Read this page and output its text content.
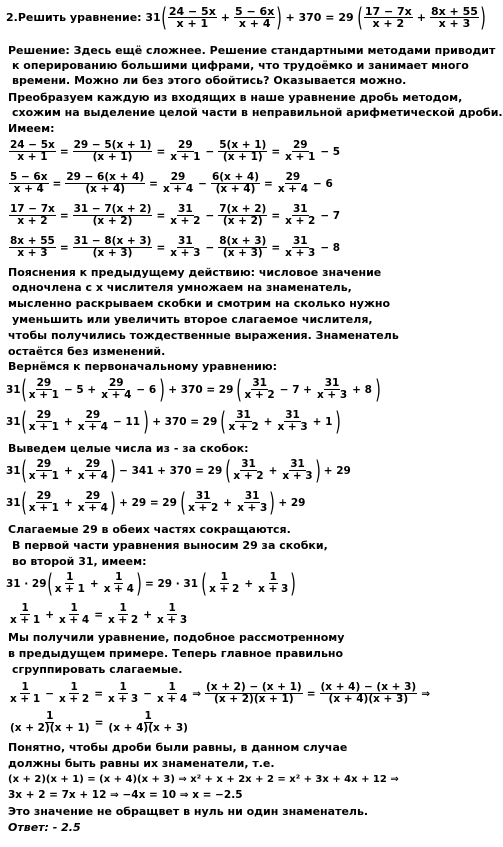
2.Решить уравнение: 31 ( $\frac{24 - 5x}{x + 1} + \frac{5 - 6x}{x + 4}$ ) + 370 = 29 ( $\frac{17 - 7x}{x + 2} + \frac{8x + 55}{x + 3}$ )
Решение: Здесь ещё сложнее. Решение стандартными методами приводит
к оперированию большими цифрами, что трудоёмко и занимает много
времени. Можно ли без этого обойтись? Оказывается можно.
Преобразуем каждую из входящих в наше уравнение дробь методом,
схожим на выделение целой части в неправильной арифметической дроби.
Имеем:
$\frac{24 - 5x}{x + 1} = \frac{29 - 5(x + 1)}{(x + 1)} = \frac{29}{x + 1} - \frac{5(x + 1)}{(x + 1)} = \frac{29}{x + 1} - 5$
$\frac{5 - 6x}{x + 4} = \frac{29 - 6(x + 4)}{(x + 4)} = \frac{29}{x + 4} - \frac{6(x + 4)}{(x + 4)} = \frac{29}{x + 4} - 6$
$\frac{17 - 7x}{x + 2} = \frac{31 - 7(x + 2)}{(x + 2)} = \frac{31}{x + 2} - \frac{7(x + 2)}{(x + 2)} = \frac{31}{x + 2} - 7$
$\frac{8x + 55}{x + 3} = \frac{31 - 8(x + 3)}{(x + 3)} = \frac{31}{x + 3} - \frac{8(x + 3)}{(x + 3)} = \frac{31}{x + 3} - 8$
Пояснения к предыдущему действию: числовое значение
одночлена с x числителя умножаем на знаменатель,
мысленно раскрываем скобки и смотрим на сколько нужно
уменьшить или увеличить второе слагаемое числителя,
чтобы получились тождественные выражения. Знаменатель
остаётся без изменений.
Вернёмся к первоначальному уравнению:
31 ( $\frac{29}{x + 1} - 5 + \frac{29}{x + 4} - 6$ ) + 370 = 29 ( $\frac{31}{x + 2} - 7 + \frac{31}{x + 3} + 8$ )
31 ( $\frac{29}{x + 1} + \frac{29}{x + 4} - 11$ ) + 370 = 29 ( $\frac{31}{x + 2} + \frac{31}{x + 3} + 1$ )
Выведем целые числа из - за скобок:
31 ( $\frac{29}{x + 1} + \frac{29}{x + 4}$ ) − 341 + 370 = 29 ( $\frac{31}{x + 2} + \frac{31}{x + 3}$ ) + 29
31 ( $\frac{29}{x + 1} + \frac{29}{x + 4}$ ) + 29 = 29 ( $\frac{31}{x + 2} + \frac{31}{x + 3}$ ) + 29
Слагаемые 29 в обеих частях сокращаются.
В первой части уравнения выносим 29 за скобки,
во второй 31, имеем:
31 · 29 ( $\frac{1}{x + 1} + \frac{1}{x + 4}$ ) = 29 · 31 ( $\frac{1}{x + 2} + \frac{1}{x + 3}$ )
$\frac{1}{x + 1} + \frac{1}{x + 4} = \frac{1}{x + 2} + \frac{1}{x + 3}$
Мы получили уравнение, подобное рассмотренному
в предыдущем примере. Теперь главное правильно
сгруппировать слагаемые.
$\frac{1}{x + 1} - \frac{1}{x + 2} = \frac{1}{x + 3} - \frac{1}{x + 4}$ ⇒ $\frac{(x + 2) - (x + 1)}{(x + 2)(x + 1)} = \frac{(x + 4) - (x + 3)}{(x + 4)(x + 3)}$ ⇒
$\frac{1}{(x + 2)(x + 1)} = \frac{1}{(x + 4)(x + 3)}$
Понятно, чтобы дроби были равны, в данном случае
должны быть равны их знаменатели, т.е.
(x + 2)(x + 1) = (x + 4)(x + 3) ⇒ x² + x + 2x + 2 = x² + 3x + 4x + 12 ⇒
3x + 2 = 7x + 12 ⇒ −4x = 10 ⇒ x = −2.5
Это значение не обращвет в нуль ни один знаменатель.
Ответ: - 2.5
